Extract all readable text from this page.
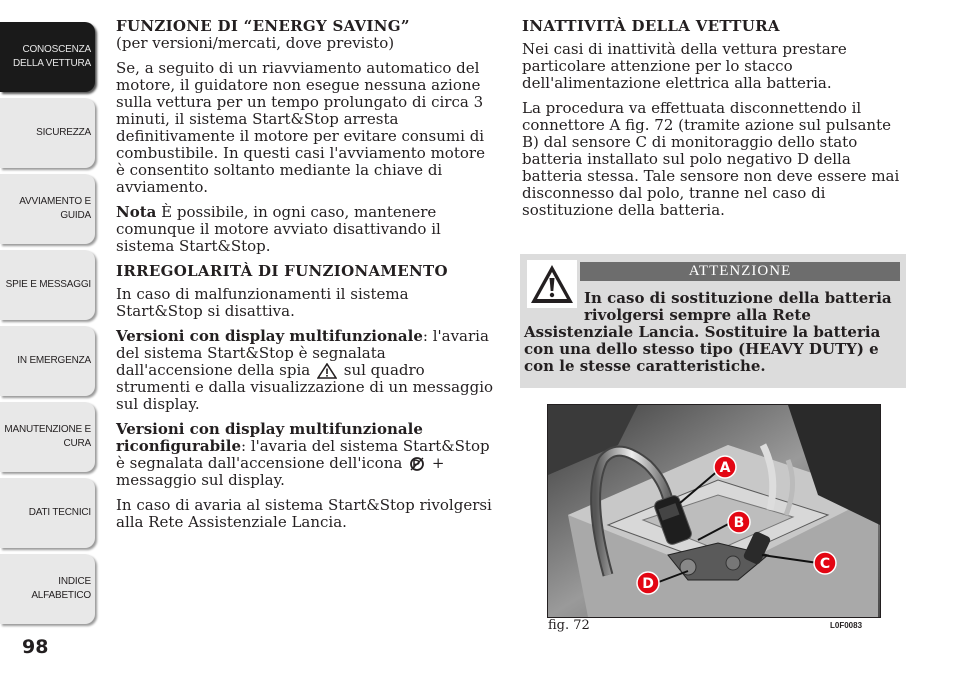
CONOSCENZA
DELLA VETTURA
SICUREZZA
AVVIAMENTO E
GUIDA
SPIE E MESSAGGI
IN EMERGENZA
MANUTENZIONE E
CURA
DATI TECNICI
INDICE
ALFABETICO
98
FUNZIONE DI “ENERGY SAVING”

(per versioni/mercati, dove previsto)

Se, a seguito di un riavviamento automatico del motore, il guidatore non esegue nessuna azione sulla vettura per un tempo prolungato di circa 3 minuti, il sistema Start&Stop arresta definitivamente il motore per evitare consumi di combustibile. In questi casi l'avviamento motore è consentito soltanto mediante la chiave di avviamento.

Nota È possibile, in ogni caso, mantenere comunque il motore avviato disattivando il sistema Start&Stop.

IRREGOLARITÀ DI FUNZIONAMENTO

In caso di malfunzionamenti il sistema Start&Stop si disattiva.

Versioni con display multifunzionale: l'avaria del sistema Start&Stop è segnalata dall'accensione della spia  sul quadro strumenti e dalla visualizzazione di un messaggio sul display.

Versioni con display multifunzionale riconfigurabile: l'avaria del sistema Start&Stop è segnalata dall'accensione dell'icona  + messaggio sul display.

In caso di avaria al sistema Start&Stop rivolgersi alla Rete Assistenziale Lancia.

INATTIVITÀ DELLA VETTURA

Nei casi di inattività della vettura prestare particolare attenzione per lo stacco dell'alimentazione elettrica alla batteria.

La procedura va effettuata disconnettendo il connettore A fig. 72 (tramite azione sul pulsante B) dal sensore C di monitoraggio dello stato batteria installato sul polo negativo D della batteria stessa. Tale sensore non deve essere mai disconnesso dal polo, tranne nel caso di sostituzione della batteria.

ATTENZIONE
In caso di sostituzione della batteria
rivolgersi sempre alla Rete
Assistenziale Lancia. Sostituire la batteria con una dello stesso tipo (HEAVY DUTY) e con le stesse caratteristiche.
A
B
C
D
fig. 72	L0F0083
